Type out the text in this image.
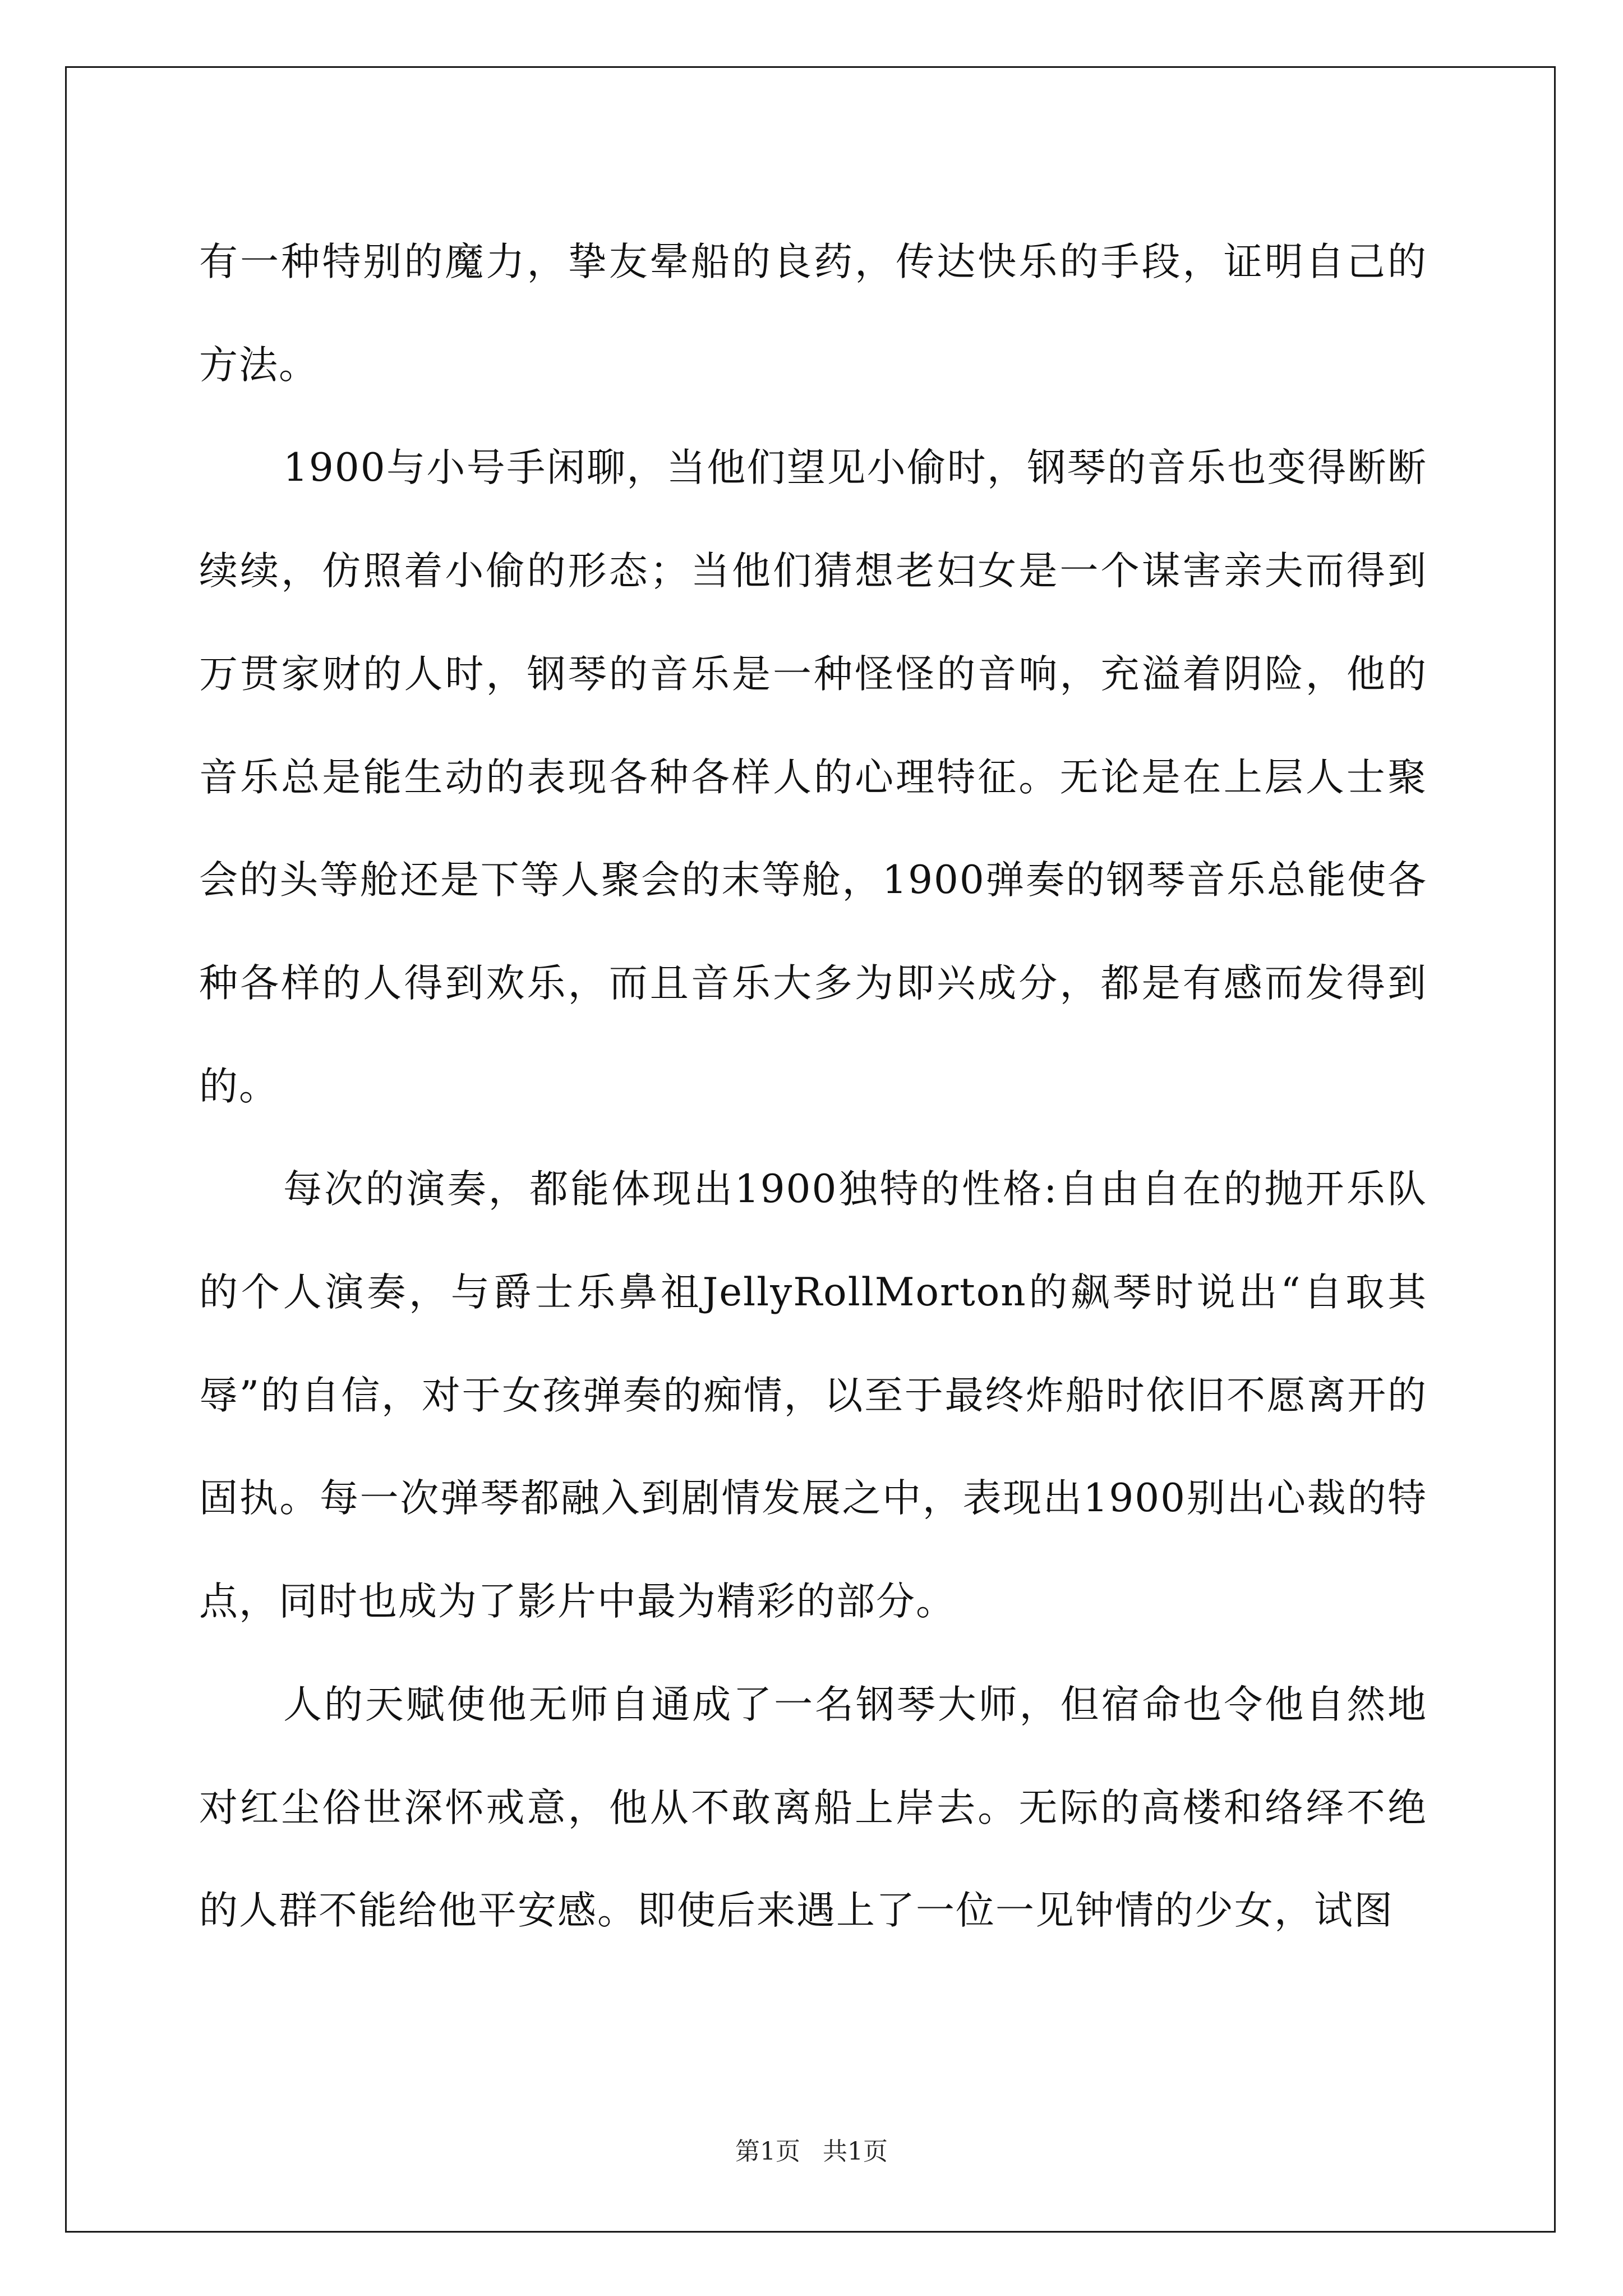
有一种特别的魔力，挚友晕船的良药，传达快乐的手段，证明自己的方法。

1900与小号手闲聊，当他们望见小偷时，钢琴的音乐也变得断断续续，仿照着小偷的形态；当他们猜想老妇女是一个谋害亲夫而得到万贯家财的人时，钢琴的音乐是一种怪怪的音响，充溢着阴险，他的音乐总是能生动的表现各种各样人的心理特征。无论是在上层人士聚会的头等舱还是下等人聚会的末等舱，1900弹奏的钢琴音乐总能使各种各样的人得到欢乐，而且音乐大多为即兴成分，都是有感而发得到的。

每次的演奏，都能体现出1900独特的性格:自由自在的抛开乐队的个人演奏，与爵士乐鼻祖JellyRollMorton的飙琴时说出“自取其辱”的自信，对于女孩弹奏的痴情，以至于最终炸船时依旧不愿离开的固执。每一次弹琴都融入到剧情发展之中，表现出1900别出心裁的特点，同时也成为了影片中最为精彩的部分。

人的天赋使他无师自通成了一名钢琴大师，但宿命也令他自然地对红尘俗世深怀戒意，他从不敢离船上岸去。无际的高楼和络绎不绝的人群不能给他平安感。即使后来遇上了一位一见钟情的少女，试图

第1页 共1页
